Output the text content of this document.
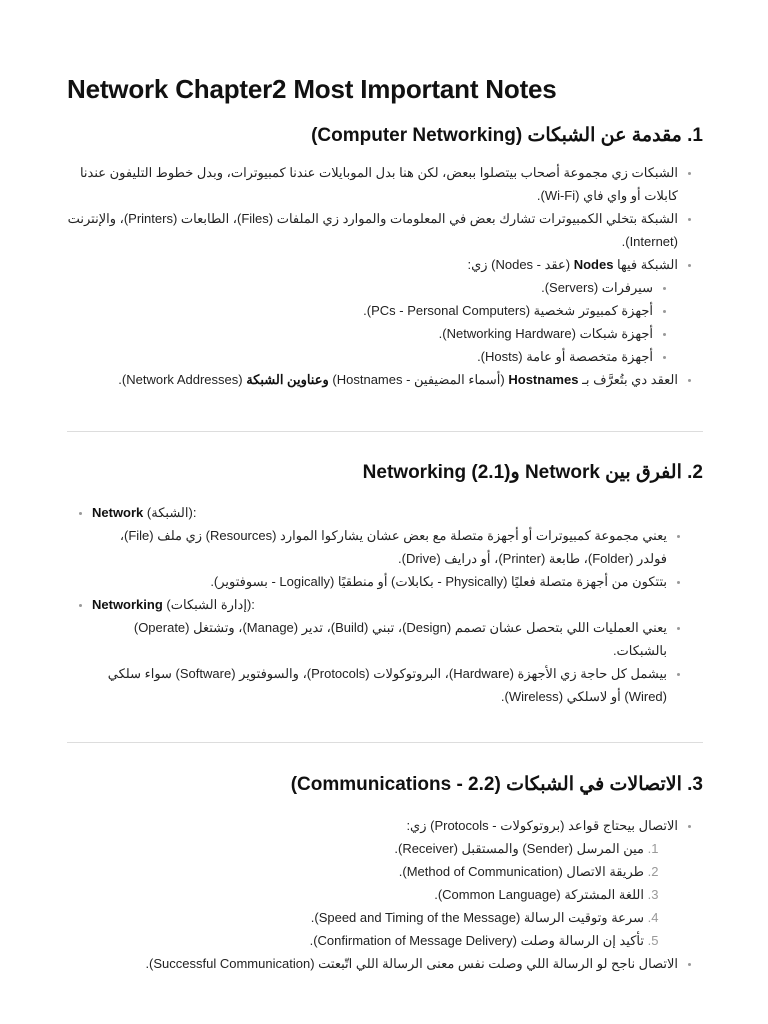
Network Chapter2 Most Important Notes
1. مقدمة عن الشبكات (Computer Networking)
• الشبكات زي مجموعة أصحاب بيتصلوا ببعض، لكن هنا بدل الموبايلات عندنا كمبيوترات، وبدل خطوط التليفون عندنا كابلات أو واي فاي (Wi-Fi).
• الشبكة بتخلي الكمبيوترات تشارك بعض في المعلومات والموارد زي الملفات (Files)، الطابعات (Printers)، والإنترنت (Internet).
• الشبكة فيها Nodes (عقد - Nodes) زي:
• سيرفرات (Servers).
• أجهزة كمبيوتر شخصية (PCs - Personal Computers).
• أجهزة شبكات (Networking Hardware).
• أجهزة متخصصة أو عامة (Hosts).
• العقد دي بتُعرَّف بـ Hostnames (أسماء المضيفين - Hostnames) وعناوين الشبكة (Network Addresses).
2. الفرق بين Network و(2.1) Networking
• Network (الشبكة):
• يعني مجموعة كمبيوترات أو أجهزة متصلة مع بعض عشان يشاركوا الموارد (Resources) زي ملف (File)، فولدر (Folder)، طابعة (Printer)، أو درايف (Drive).
• بتتكون من أجهزة متصلة فعليًا (Physically - بكابلات) أو منطقيًا (Logically - بسوفتوير).
• Networking (إدارة الشبكات):
• يعني العمليات اللي بتحصل عشان تصمم (Design)، تبني (Build)، تدير (Manage)، وتشتغل (Operate) بالشبكات.
• بيشمل كل حاجة زي الأجهزة (Hardware)، البروتوكولات (Protocols)، والسوفتوير (Software) سواء سلكي (Wired) أو لاسلكي (Wireless).
3. الاتصالات في الشبكات (Communications - 2.2)
• الاتصال بيحتاج قواعد (بروتوكولات - Protocols) زي:
1. مين المرسل (Sender) والمستقبل (Receiver).
2. طريقة الاتصال (Method of Communication).
3. اللغة المشتركة (Common Language).
4. سرعة وتوقيت الرسالة (Speed and Timing of the Message).
5. تأكيد إن الرسالة وصلت (Confirmation of Message Delivery).
• الاتصال ناجح لو الرسالة اللي وصلت نفس معنى الرسالة اللي اتّبعتت (Successful Communication).
